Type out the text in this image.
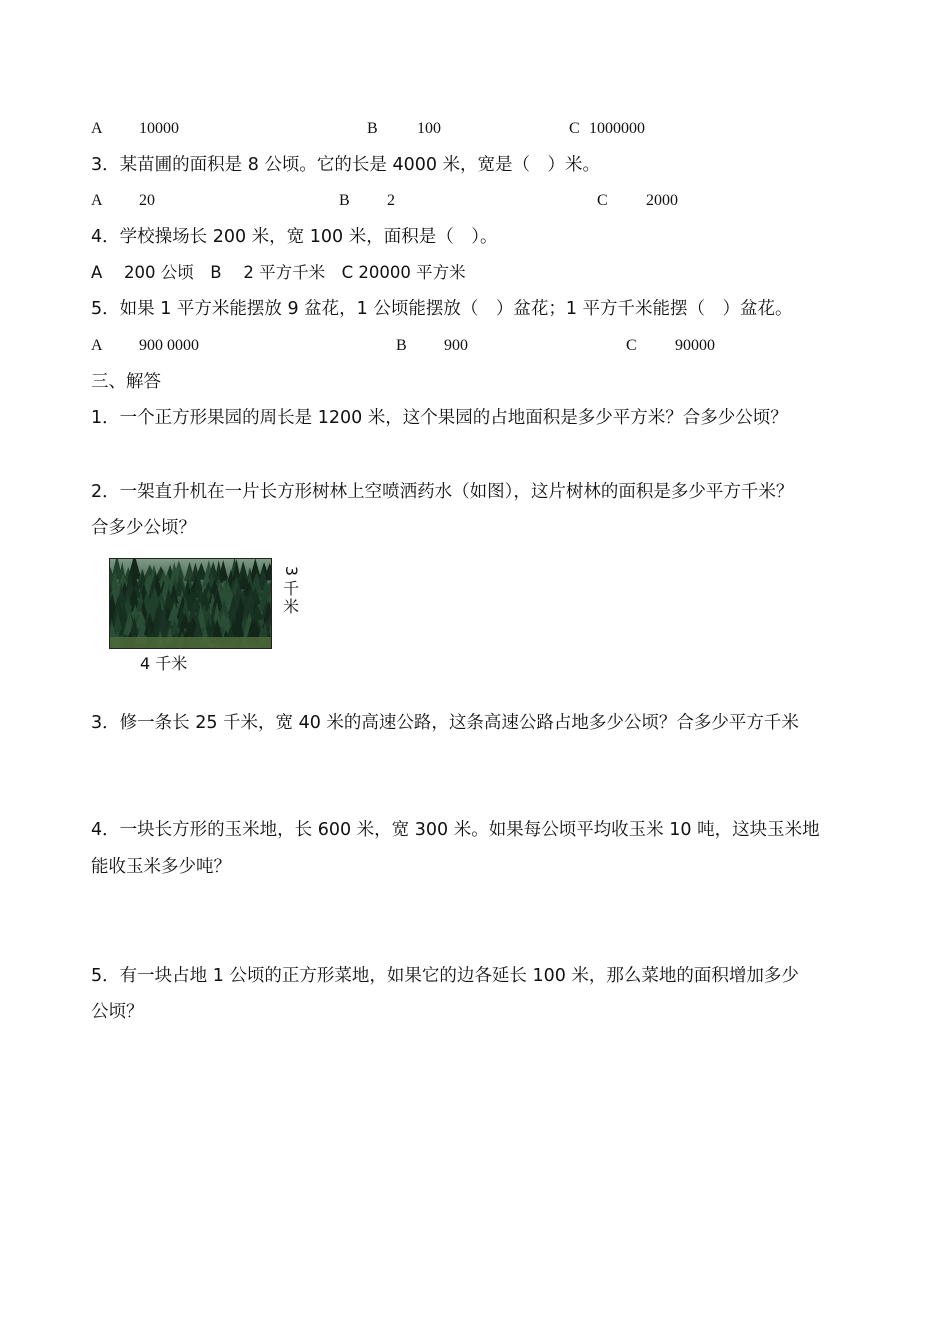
A 10000	B 100	C 1000000
3．某苗圃的面积是 8 公顷。它的长是 4000 米，宽是（　）米。
A 20	B 2	C 2000
4．学校操场长 200 米，宽 100 米，面积是（　）。
A　 200 公顷　B　 2 平方千米　C 20000 平方米
5．如果 1 平方米能摆放 9 盆花，1 公顷能摆放（　）盆花；1 平方千米能摆（　）盆花。
A 900 0000	B 900	C 90000
三、解答
1．一个正方形果园的周长是 1200 米，这个果园的占地面积是多少平方米？合多少公顷？
2．一架直升机在一片长方形树林上空喷洒药水（如图），这片树林的面积是多少平方千米？
合多少公顷？
3
千
米
4 千米
3．修一条长 25 千米，宽 40 米的高速公路，这条高速公路占地多少公顷？合多少平方千米
4．一块长方形的玉米地，长 600 米，宽 300 米。如果每公顷平均收玉米 10 吨，这块玉米地
能收玉米多少吨？
5．有一块占地 1 公顷的正方形菜地，如果它的边各延长 100 米，那么菜地的面积增加多少
公顷？
